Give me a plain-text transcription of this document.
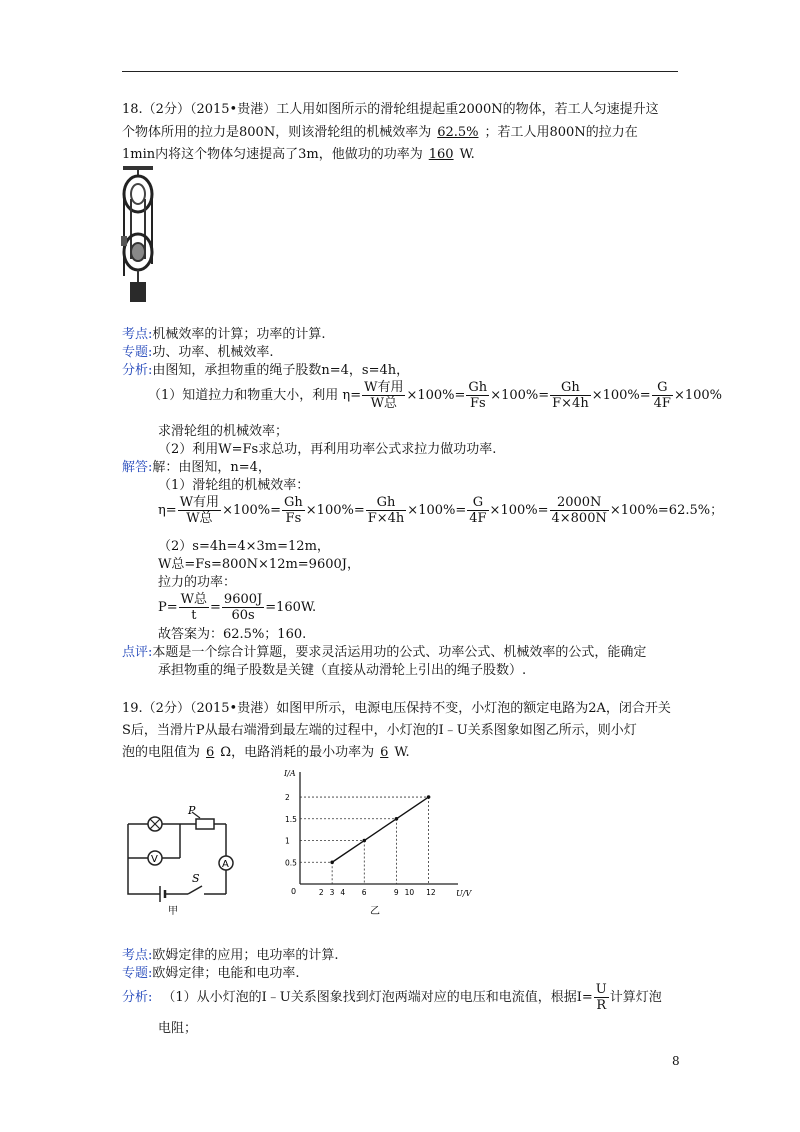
18.（2分）（2015•贵港）工人用如图所示的滑轮组提起重2000N的物体，若工人匀速提升这
个物体所用的拉力是800N，则该滑轮组的机械效率为 62.5% ；若工人用800N的拉力在
1min内将这个物体匀速提高了3m，他做功的功率为 160 W.
考点:机械效率的计算；功率的计算.
专题:功、功率、机械效率.
分析:由图知，承担物重的绳子股数n=4，s=4h，
（1）知道拉力和物重大小，利用 $\eta= \frac{\text{W有用}}{\text{W总}} \times 100\%= \frac{Gh}{Fs} \times 100\%= \frac{Gh}{F\times 4h} \times 100\%= \frac{G}{4F} \times 100\%$
求滑轮组的机械效率；
（2）利用W=Fs求总功，再利用功率公式求拉力做功功率.
解答:解：由图知，n=4，
（1）滑轮组的机械效率：
$\eta= \frac{\text{W有用}}{\text{W总}} \times 100\%= \frac{Gh}{Fs} \times 100\%= \frac{Gh}{F\times 4h} \times 100\%= \frac{G}{4F} \times 100\%= \frac{2000N}{4\times 800N} \times 100\%=62.5\%$；
（2）s=4h=4×3m=12m，
W总=Fs=800N×12m=9600J，
拉力的功率：
$P= \frac{\text{W总}}{t} = \frac{9600J}{60s} =160W$.
故答案为：62.5%；160.
点评:本题是一个综合计算题，要求灵活运用功的公式、功率公式、机械效率的公式，能确定
承担物重的绳子股数是关键（直接从动滑轮上引出的绳子股数）.
19.（2分）（2015•贵港）如图甲所示，电源电压保持不变，小灯泡的额定电路为2A，闭合开关
S后，当滑片P从最右端滑到最左端的过程中，小灯泡的I﹣U关系图象如图乙所示，则小灯
泡的电阻值为 6 Ω，电路消耗的最小功率为 6 W.
P
V	A
S
甲
U/V
I/A
0	2 3 4 6	9 10 12
0.5
1
1.5
2
乙
考点:欧姆定律的应用；电功率的计算.
专题:欧姆定律；电能和电功率.
分析: （1）从小灯泡的I﹣U关系图象找到灯泡两端对应的电压和电流值，根据$I= \frac{U}{R}$ 计算灯泡
电阻；
8
